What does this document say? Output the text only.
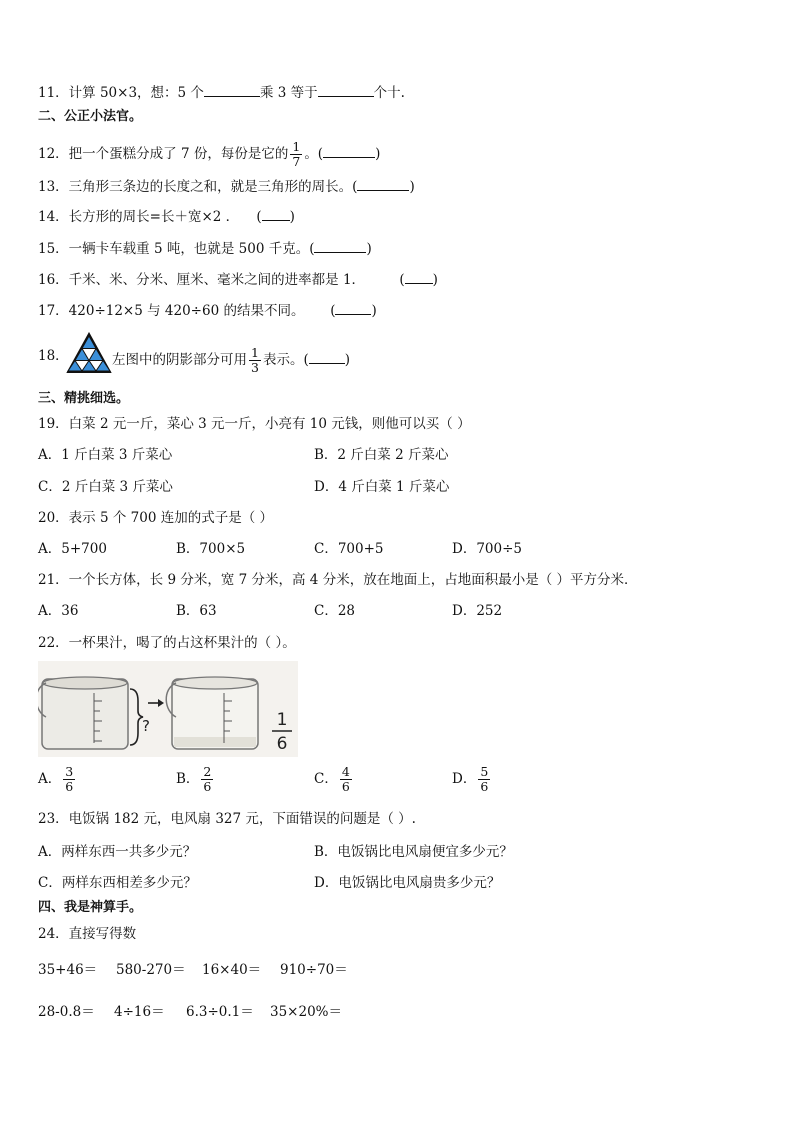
11．计算 50×3，想：5 个	乘 3 等于	个十.
二、公正小法官。
12．把一个蛋糕分成了 7 份，每份是它的 $\frac{1}{7}$ 。(	)
13．三角形三条边的长度之和，就是三角形的周长。(	)
14．长方形的周长=长＋宽×2 ．    ( )
15．一辆卡车载重 5 吨，也就是 500 千克。(	)
16．千米、米、分米、厘米、毫米之间的进率都是 1．        ( )
17．420÷12×5 与 420÷60 的结果不同。      (	)
18．	左图中的阴影部分可用 $\frac{1}{3}$ 表示。(	)
三、精挑细选。
19．白菜 2 元一斤，菜心 3 元一斤，小亮有 10 元钱，则他可以买（ ）
A．1 斤白菜 3 斤菜心	B．2 斤白菜 2 斤菜心
C．2 斤白菜 3 斤菜心	D．4 斤白菜 1 斤菜心
20．表示 5 个 700 连加的式子是（ ）
A．5+700	B．700×5	C．700+5	D．700÷5
21．一个长方体，长 9 分米，宽 7 分米，高 4 分米，放在地面上，占地面积最小是（ ）平方分米．
A．36	B．63	C．28	D．252
22．一杯果汁，喝了的占这杯果汁的（ ）。
?	1
6
A． $\frac{3}{6}$	B． $\frac{2}{6}$	C． $\frac{4}{6}$	D． $\frac{5}{6}$
23．电饭锅 182 元，电风扇 327 元，下面错误的问题是（ ）.
A．两样东西一共多少元？	B．电饭锅比电风扇便宜多少元？
C．两样东西相差多少元？	D．电饭锅比电风扇贵多少元？
四、我是神算手。
24．直接写得数
35+46＝ 580-270＝ 16×40＝ 910÷70＝
28-0.8＝ 4÷16＝ 6.3÷0.1＝ 35×20%＝
